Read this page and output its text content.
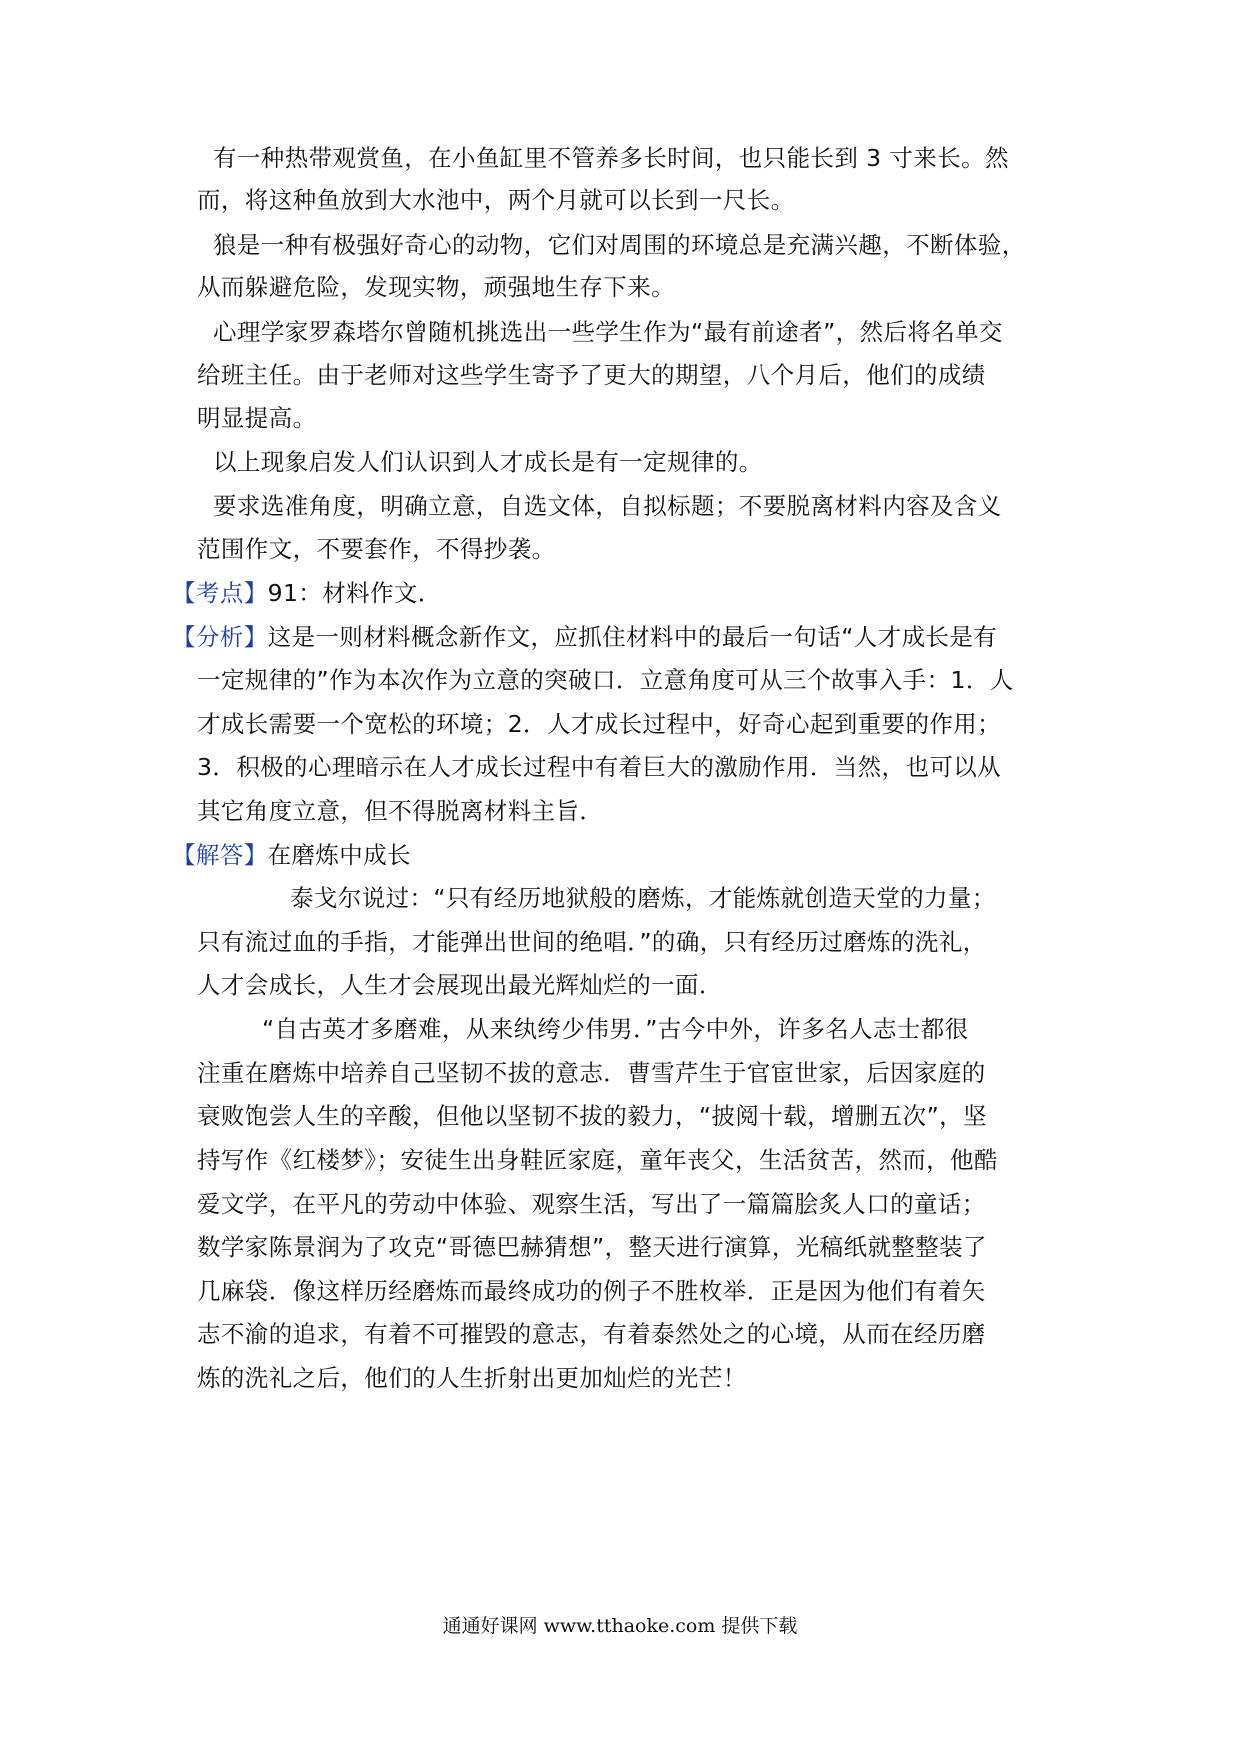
有一种热带观赏鱼，在小鱼缸里不管养多长时间，也只能长到 3 寸来长。然
而，将这种鱼放到大水池中，两个月就可以长到一尺长。
狼是一种有极强好奇心的动物，它们对周围的环境总是充满兴趣，不断体验，
从而躲避危险，发现实物，顽强地生存下来。
心理学家罗森塔尔曾随机挑选出一些学生作为“最有前途者”，然后将名单交
给班主任。由于老师对这些学生寄予了更大的期望，八个月后，他们的成绩
明显提高。
以上现象启发人们认识到人才成长是有一定规律的。
要求选准角度，明确立意，自选文体，自拟标题；不要脱离材料内容及含义
范围作文，不要套作，不得抄袭。
【考点】91：材料作文．
【分析】这是一则材料概念新作文，应抓住材料中的最后一句话“人才成长是有
一定规律的”作为本次作为立意的突破口．立意角度可从三个故事入手：1．人
才成长需要一个宽松的环境；2．人才成长过程中，好奇心起到重要的作用；
3．积极的心理暗示在人才成长过程中有着巨大的激励作用．当然，也可以从
其它角度立意，但不得脱离材料主旨．
【解答】在磨炼中成长
泰戈尔说过：“只有经历地狱般的磨炼，才能炼就创造天堂的力量；
只有流过血的手指，才能弹出世间的绝唱．”的确，只有经历过磨炼的洗礼，
人才会成长，人生才会展现出最光辉灿烂的一面．
“自古英才多磨难，从来纨绔少伟男．”古今中外，许多名人志士都很
注重在磨炼中培养自己坚韧不拔的意志．曹雪芹生于官宦世家，后因家庭的
衰败饱尝人生的辛酸，但他以坚韧不拔的毅力，“披阅十载，增删五次”，坚
持写作《红楼梦》；安徒生出身鞋匠家庭，童年丧父，生活贫苦，然而，他酷
爱文学，在平凡的劳动中体验、观察生活，写出了一篇篇脍炙人口的童话；
数学家陈景润为了攻克“哥德巴赫猜想”，整天进行演算，光稿纸就整整装了
几麻袋．像这样历经磨炼而最终成功的例子不胜枚举．正是因为他们有着矢
志不渝的追求，有着不可摧毁的意志，有着泰然处之的心境，从而在经历磨
炼的洗礼之后，他们的人生折射出更加灿烂的光芒！
通通好课网 www.tthaoke.com 提供下载
